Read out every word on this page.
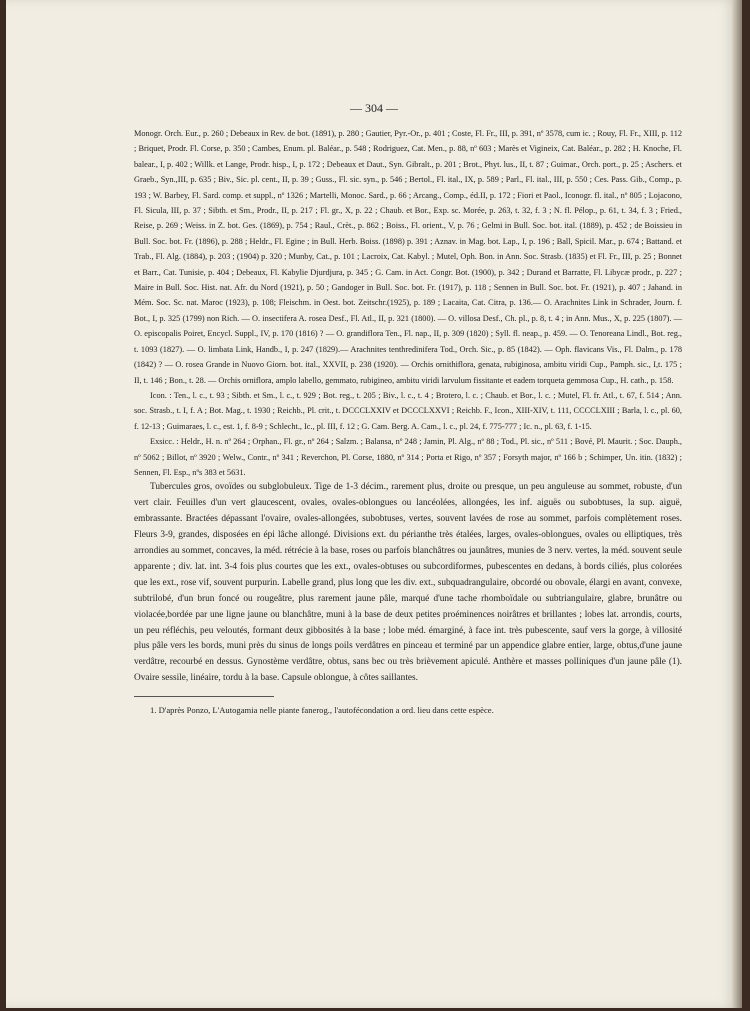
— 304 —

Monogr. Orch. Eur., p. 260 ; Debeaux in Rev. de bot. (1891), p. 280 ; Gautier, Pyr.-Or., p. 401 ; Coste, Fl. Fr., III, p. 391, nº 3578, cum ic. ; Rouy, Fl. Fr., XIII, p. 112 ; Briquet, Prodr. Fl. Corse, p. 350 ; Cambes, Enum. pl. Baléar., p. 548 ; Rodriguez, Cat. Men., p. 88, nº 603 ; Marès et Vigineix, Cat. Baléar., p. 282 ; H. Knoche, Fl. balear., I, p. 402 ; Willk. et Lange, Prodr. hisp., I, p. 172 ; Debeaux et Daut., Syn. Gibralt., p. 201 ; Brot., Phyt. lus., II, t. 87 ; Guimar., Orch. port., p. 25 ; Aschers. et Graeb., Syn.,III, p. 635 ; Biv., Sic. pl. cent., II, p. 39 ; Guss., Fl. sic. syn., p. 546 ; Bertol., Fl. ital., IX, p. 589 ; Parl., Fl. ital., III, p. 550 ; Ces. Pass. Gib., Comp., p. 193 ; W. Barbey, Fl. Sard. comp. et suppl., nº 1326 ; Martelli, Monoc. Sard., p. 66 ; Arcang., Comp., éd.II, p. 172 ; Fiori et Paol., Iconogr. fl. ital., nº 805 ; Lojacono, Fl. Sicula, III, p. 37 ; Sibth. et Sm., Prodr., II, p. 217 ; Fl. gr., X, p. 22 ; Chaub. et Bor., Exp. sc. Morée, p. 263, t. 32, f. 3 ; N. fl. Pélop., p. 61, t. 34, f. 3 ; Fried., Reise, p. 269 ; Weiss. in Z. bot. Ges. (1869), p. 754 ; Raul., Crèt., p. 862 ; Boiss., Fl. orient., V, p. 76 ; Gelmi in Bull. Soc. bot. ital. (1889), p. 452 ; de Boissieu in Bull. Soc. bot. Fr. (1896), p. 288 ; Heldr., Fl. Egine ; in Bull. Herb. Boiss. (1898) p. 391 ; Aznav. in Mag. bot. Lap., I, p. 196 ; Ball, Spicil. Mar., p. 674 ; Battand. et Trab., Fl. Alg. (1884), p. 203 ; (1904) p. 320 ; Munby, Cat., p. 101 ; Lacroix, Cat. Kabyl. ; Mutel, Oph. Bon. in Ann. Soc. Strasb. (1835) et Fl. Fr., III, p. 25 ; Bonnet et Barr., Cat. Tunisie, p. 404 ; Debeaux, Fl. Kabylie Djurdjura, p. 345 ; G. Cam. in Act. Congr. Bot. (1900), p. 342 ; Durand et Barratte, Fl. Libycæ prodr., p. 227 ; Maire in Bull. Soc. Hist. nat. Afr. du Nord (1921), p. 50 ; Gandoger in Bull. Soc. bot. Fr. (1917), p. 118 ; Sennen in Bull. Soc. bot. Fr. (1921), p. 407 ; Jahand. in Mém. Soc. Sc. nat. Maroc (1923), p. 108; Fleischm. in Oest. bot. Zeitschr.(1925), p. 189 ; Lacaita, Cat. Citra, p. 136.— O. Arachnites Link in Schrader, Journ. f. Bot., I, p. 325 (1799) non Rich. — O. insectifera A. rosea Desf., Fl. Atl., II, p. 321 (1800). — O. villosa Desf., Ch. pl., p. 8, t. 4 ; in Ann. Mus., X, p. 225 (1807). — O. episcopalis Poiret, Encycl. Suppl., IV, p. 170 (1816) ? — O. grandiflora Ten., Fl. nap., II, p. 309 (1820) ; Syll. fl. neap., p. 459. — O. Tenoreana Lindl., Bot. reg., t. 1093 (1827). — O. limbata Link, Handb., I, p. 247 (1829).— Arachnites tenthredinifera Tod., Orch. Sic., p. 85 (1842). — Oph. flavicans Vis., Fl. Dalm., p. 178 (1842) ? — O. rosea Grande in Nuovo Giorn. bot. ital., XXVII, p. 238 (1920). — Orchis ornithiflora, genata, rubiginosa, ambitu viridi Cup., Pamph. sic., I,t. 175 ; II, t. 146 ; Bon., t. 28. — Orchis orniflora, amplo labello, gemmato, rubigineo, ambitu viridi larvulum fissitante et eadem torqueta gemmosa Cup., H. cath., p. 158.

Icon. : Ten., l. c., t. 93 ; Sibth. et Sm., l. c., t. 929 ; Bot. reg., t. 205 ; Biv., l. c., t. 4 ; Brotero, l. c. ; Chaub. et Bor., l. c. ; Mutel, Fl. fr. Atl., t. 67, f. 514 ; Ann. soc. Strasb., t. I, f. A ; Bot. Mag., t. 1930 ; Reichb., Pl. crit., t. DCCCLXXIV et DCCCLXXVI ; Reichb. F., Icon., XIII-XIV, t. 111, CCCCLXIII ; Barla, l. c., pl. 60, f. 12-13 ; Guimaraes, l. c., est. 1, f. 8-9 ; Schlecht., Ic., pl. III, f. 12 ; G. Cam. Berg. A. Cam., l. c., pl. 24, f. 775-777 ; Ic. n., pl. 63, f. 1-15.

Exsicc. : Heldr., H. n. nº 264 ; Orphan., Fl. gr., nº 264 ; Salzm. ; Balansa, nº 248 ; Jamin, Pl. Alg., nº 88 ; Tod., Pl. sic., nº 511 ; Bové, Pl. Maurit. ; Soc. Dauph., nº 5062 ; Billot, nº 3920 ; Welw., Contr., nº 341 ; Reverchon, Pl. Corse, 1880, nº 314 ; Porta et Rigo, nº 357 ; Forsyth major, nº 166 b ; Schimper, Un. itin. (1832) ; Sennen, Fl. Esp., nºs 383 et 5631.

Tubercules gros, ovoïdes ou subglobuleux. Tige de 1-3 décim., rarement plus, droite ou presque, un peu anguleuse au sommet, robuste, d'un vert clair. Feuilles d'un vert glaucescent, ovales, ovales-oblongues ou lancéolées, allongées, les inf. aiguës ou subobtuses, la sup. aiguë, embrassante. Bractées dépassant l'ovaire, ovales-allongées, subobtuses, vertes, souvent lavées de rose au sommet, parfois complètement roses. Fleurs 3-9, grandes, disposées en épi lâche allongé. Divisions ext. du périanthe très étalées, larges, ovales-oblongues, ovales ou elliptiques, très arrondies au sommet, concaves, la méd. rétrécie à la base, roses ou parfois blanchâtres ou jaunâtres, munies de 3 nerv. vertes, la méd. souvent seule apparente ; div. lat. int. 3-4 fois plus courtes que les ext., ovales-obtuses ou subcordiformes, pubescentes en dedans, à bords ciliés, plus colorées que les ext., rose vif, souvent purpurin. Labelle grand, plus long que les div. ext., subquadrangulaire, obcordé ou obovale, élargi en avant, convexe, subtrilobé, d'un brun foncé ou rougeâtre, plus rarement jaune pâle, marqué d'une tache rhomboïdale ou subtriangulaire, glabre, brunâtre ou violacée,bordée par une ligne jaune ou blanchâtre, muni à la base de deux petites proéminences noirâtres et brillantes ; lobes lat. arrondis, courts, un peu réfléchis, peu veloutés, formant deux gibbosités à la base ; lobe méd. émarginé, à face int. très pubescente, sauf vers la gorge, à villosité plus pâle vers les bords, muni près du sinus de longs poils verdâtres en pinceau et terminé par un appendice glabre entier, large, obtus,d'une jaune verdâtre, recourbé en dessus. Gynostème verdâtre, obtus, sans bec ou très brièvement apiculé. Anthère et masses polliniques d'un jaune pâle (1). Ovaire sessile, linéaire, tordu à la base. Capsule oblongue, à côtes saillantes.

1. D'après Ponzo, L'Autogamia nelle piante fanerog., l'autofécondation a ord. lieu dans cette espèce.
